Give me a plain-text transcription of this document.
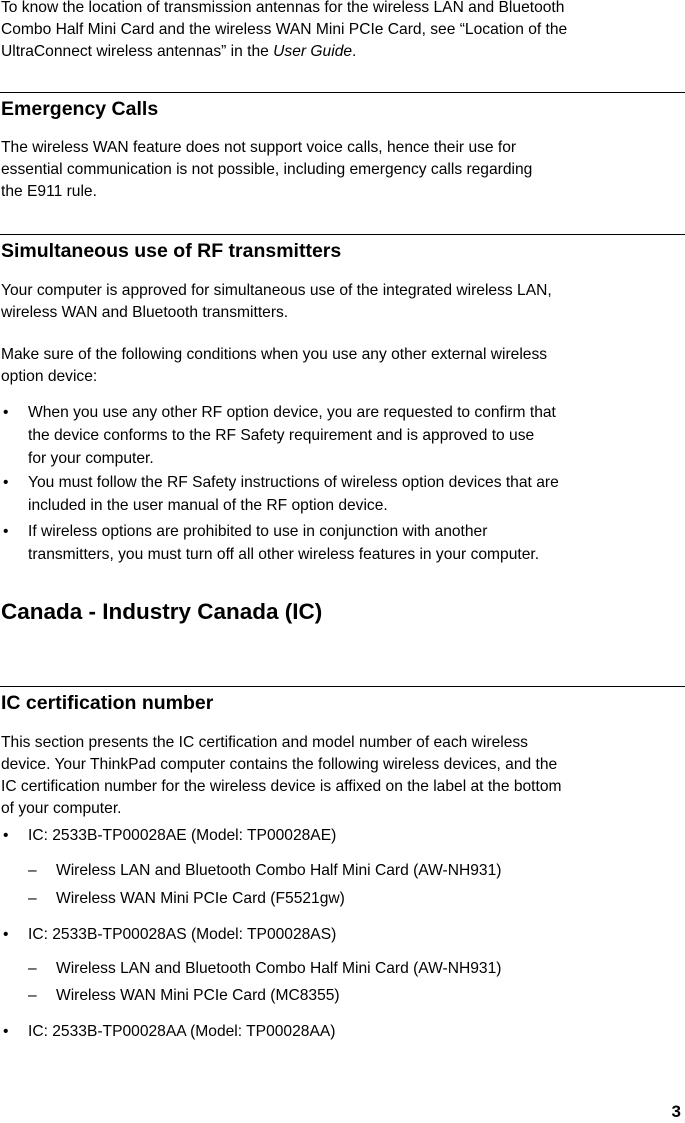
To know the location of transmission antennas for the wireless LAN and Bluetooth

Combo Half Mini Card and the wireless WAN Mini PCIe Card, see “Location of the

UltraConnect wireless antennas” in the User Guide.

Emergency Calls

The wireless WAN feature does not support voice calls, hence their use for

essential communication is not possible, including emergency calls regarding

the E911 rule.

Simultaneous use of RF transmitters

Your computer is approved for simultaneous use of the integrated wireless LAN,

wireless WAN and Bluetooth transmitters.

Make sure of the following conditions when you use any other external wireless

option device:

• When you use any other RF option device, you are requested to confirm that
the device conforms to the RF Safety requirement and is approved to use
for your computer.
• You must follow the RF Safety instructions of wireless option devices that are
included in the user manual of the RF option device.
• If wireless options are prohibited to use in conjunction with another
transmitters, you must turn off all other wireless features in your computer.
Canada - Industry Canada (IC)
IC certification number

This section presents the IC certification and model number of each wireless

device. Your ThinkPad computer contains the following wireless devices, and the

IC certification number for the wireless device is affixed on the label at the bottom

of your computer.

• IC: 2533B-TP00028AE (Model: TP00028AE)
– Wireless LAN and Bluetooth Combo Half Mini Card (AW-NH931)
– Wireless WAN Mini PCIe Card (F5521gw)
• IC: 2533B-TP00028AS (Model: TP00028AS)
– Wireless LAN and Bluetooth Combo Half Mini Card (AW-NH931)
– Wireless WAN Mini PCIe Card (MC8355)
• IC: 2533B-TP00028AA (Model: TP00028AA)
3
